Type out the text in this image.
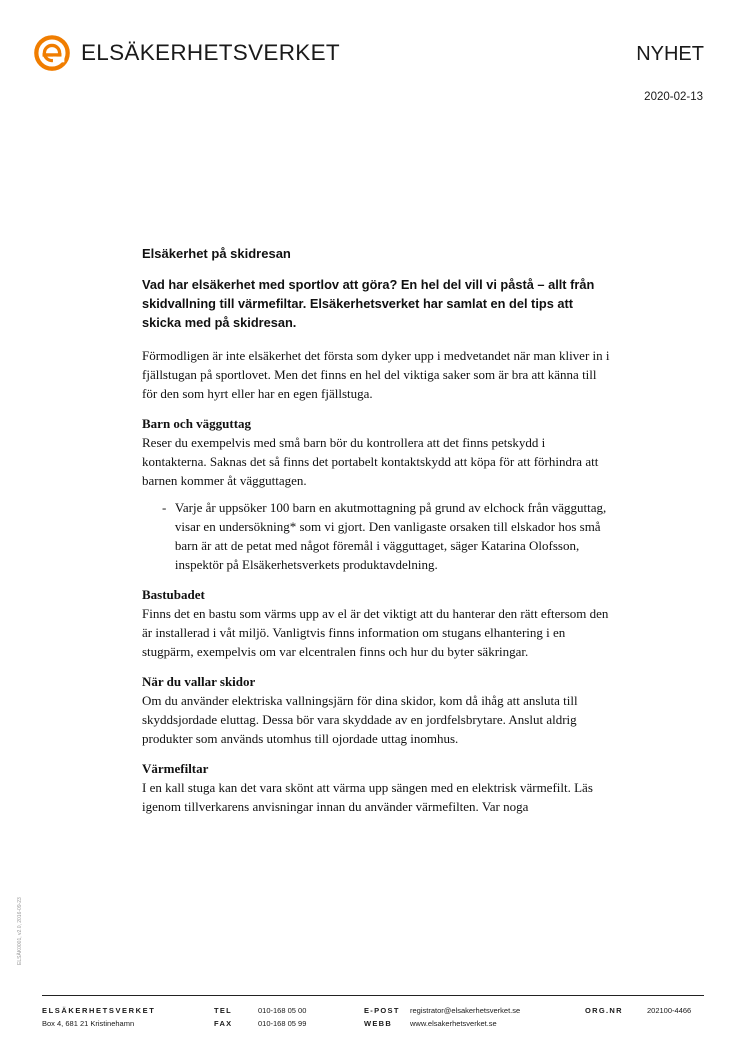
ELSÄKERHETSVERKET	NYHET
2020-02-13
Elsäkerhet på skidresan
Vad har elsäkerhet med sportlov att göra? En hel del vill vi påstå – allt från skidvallning till värmefiltar. Elsäkerhetsverket har samlat en del tips att skicka med på skidresan.

Förmodligen är inte elsäkerhet det första som dyker upp i medvetandet när man kliver in i fjällstugan på sportlovet. Men det finns en hel del viktiga saker som är bra att känna till för den som hyrt eller har en egen fjällstuga.

Barn och vägguttag

Reser du exempelvis med små barn bör du kontrollera att det finns petskydd i kontakterna. Saknas det så finns det portabelt kontaktskydd att köpa för att förhindra att barnen kommer åt vägguttagen.

- Varje år uppsöker 100 barn en akutmottagning på grund av elchock från vägguttag, visar en undersökning* som vi gjort. Den vanligaste orsaken till elskador hos små barn är att de petat med något föremål i vägguttaget, säger Katarina Olofsson, inspektör på Elsäkerhetsverkets produktavdelning.

Bastubadet

Finns det en bastu som värms upp av el är det viktigt att du hanterar den rätt eftersom den är installerad i våt miljö. Vanligtvis finns information om stugans elhantering i en stugpärm, exempelvis om var elcentralen finns och hur du byter säkringar.

När du vallar skidor

Om du använder elektriska vallningsjärn för dina skidor, kom då ihåg att ansluta till skyddsjordade eluttag. Dessa bör vara skyddade av en jordfelsbrytare. Anslut aldrig produkter som används utomhus till ojordade uttag inomhus.

Värmefiltar

I en kall stuga kan det vara skönt att värma upp sängen med en elektrisk värmefilt. Läs igenom tillverkarens anvisningar innan du använder värmefilten. Var noga

ELSÄK0001, v2.0, 2016-09-23
ELSÄKERHETSVERKET
Box 4, 681 21 Kristinehamn
TEL
FAX
010-168 05 00
010-168 05 99
E-POST
WEBB
registrator@elsakerhetsverket.se
www.elsakerhetsverket.se
ORG.NR	202100-4466
